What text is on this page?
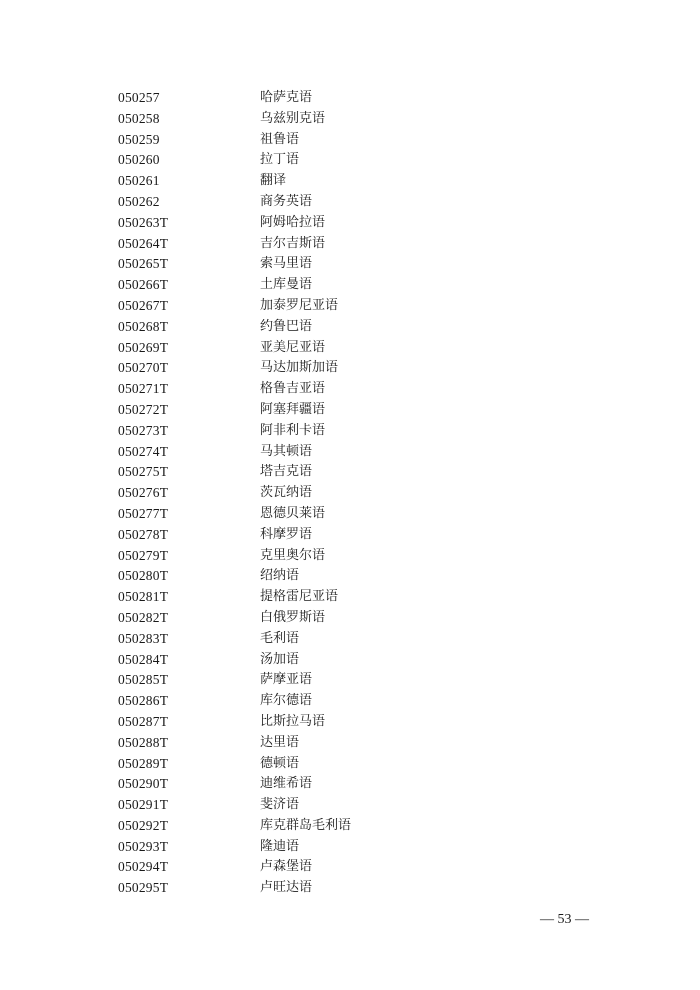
050257	哈萨克语
050258	乌兹别克语
050259	祖鲁语
050260	拉丁语
050261	翻译
050262	商务英语
050263T	阿姆哈拉语
050264T	吉尔吉斯语
050265T	索马里语
050266T	土库曼语
050267T	加泰罗尼亚语
050268T	约鲁巴语
050269T	亚美尼亚语
050270T	马达加斯加语
050271T	格鲁吉亚语
050272T	阿塞拜疆语
050273T	阿非利卡语
050274T	马其顿语
050275T	塔吉克语
050276T	茨瓦纳语
050277T	恩德贝莱语
050278T	科摩罗语
050279T	克里奥尔语
050280T	绍纳语
050281T	提格雷尼亚语
050282T	白俄罗斯语
050283T	毛利语
050284T	汤加语
050285T	萨摩亚语
050286T	库尔德语
050287T	比斯拉马语
050288T	达里语
050289T	德顿语
050290T	迪维希语
050291T	斐济语
050292T	库克群岛毛利语
050293T	隆迪语
050294T	卢森堡语
050295T	卢旺达语
— 53 —
